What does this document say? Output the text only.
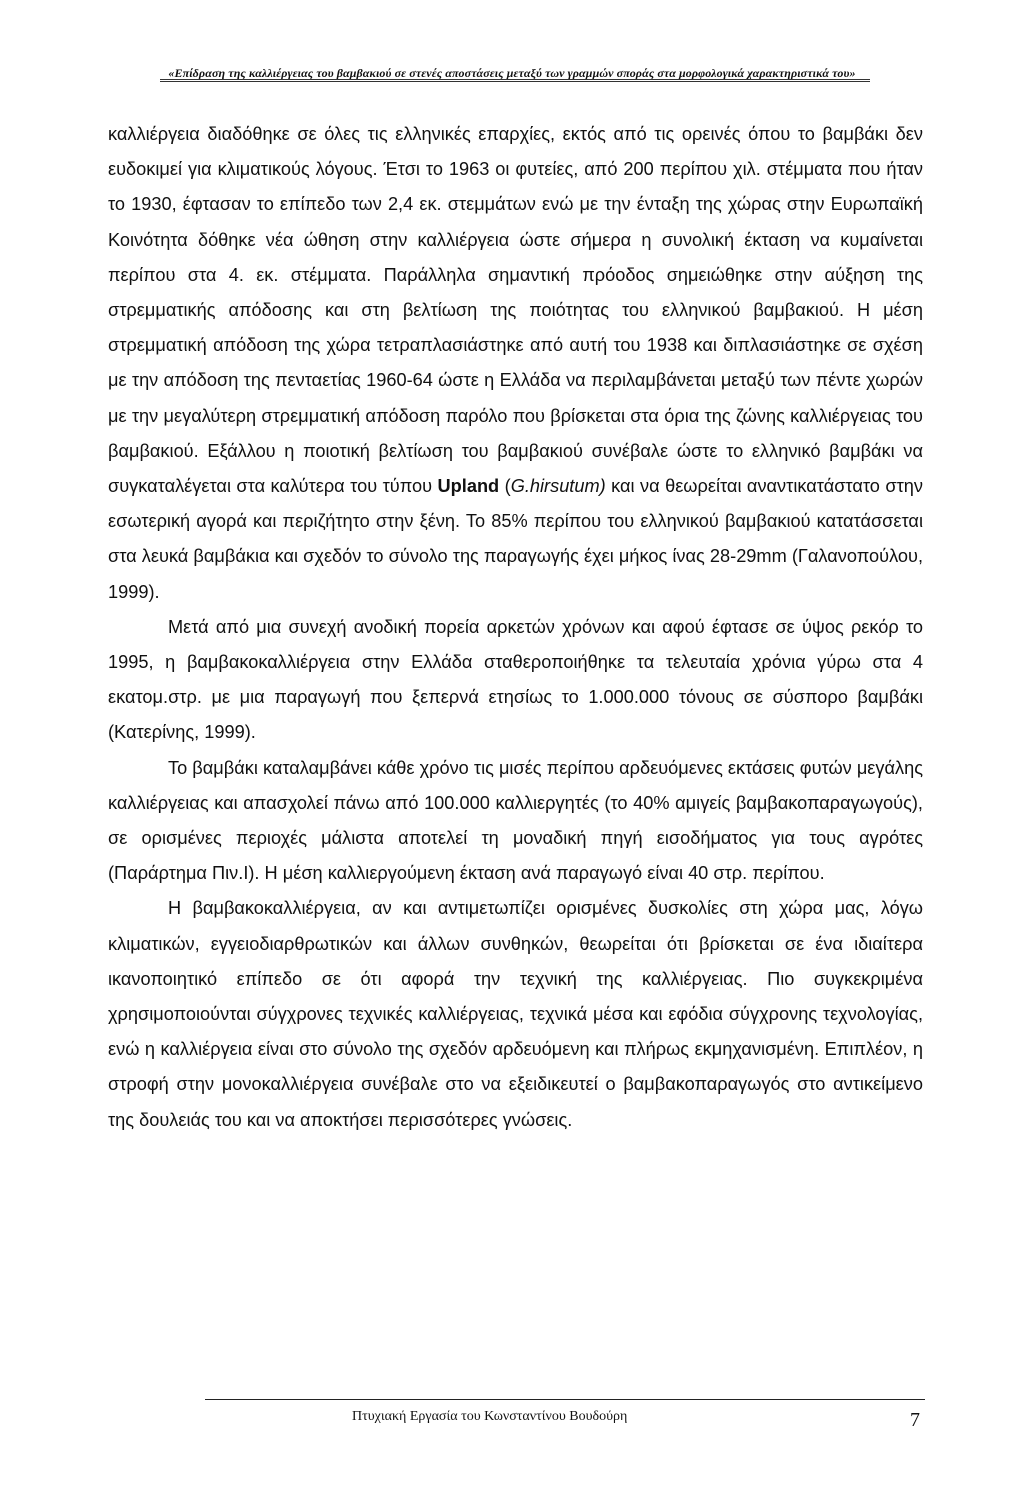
«Επίδραση της καλλιέργειας του βαμβακιού σε στενές αποστάσεις μεταξύ των γραμμών σποράς στα μορφολογικά χαρακτηριστικά του»

καλλιέργεια διαδόθηκε σε όλες τις ελληνικές επαρχίες, εκτός από τις ορεινές όπου το βαμβάκι δεν ευδοκιμεί για κλιματικούς λόγους. Έτσι το 1963 οι φυτείες, από 200 περίπου χιλ. στέμματα που ήταν το 1930, έφτασαν το επίπεδο των 2,4 εκ. στεμμάτων ενώ με την ένταξη της χώρας στην Ευρωπαϊκή Κοινότητα δόθηκε νέα ώθηση στην καλλιέργεια ώστε σήμερα η συνολική έκταση να κυμαίνεται περίπου στα 4. εκ. στέμματα. Παράλληλα σημαντική πρόοδος σημειώθηκε στην αύξηση της στρεμματικής απόδοσης και στη βελτίωση της ποιότητας του ελληνικού βαμβακιού. Η μέση στρεμματική απόδοση της χώρα τετραπλασιάστηκε από αυτή του 1938 και διπλασιάστηκε σε σχέση με την απόδοση της πενταετίας 1960-64 ώστε η Ελλάδα να περιλαμβάνεται μεταξύ των πέντε χωρών με την μεγαλύτερη στρεμματική απόδοση παρόλο που βρίσκεται στα όρια της ζώνης καλλιέργειας του βαμβακιού. Εξάλλου η ποιοτική βελτίωση του βαμβακιού συνέβαλε ώστε το ελληνικό βαμβάκι να συγκαταλέγεται στα καλύτερα του τύπου Upland (G.hirsutum) και να θεωρείται αναντικατάστατο στην εσωτερική αγορά και περιζήτητο στην ξένη. Το 85% περίπου του ελληνικού βαμβακιού κατατάσσεται στα λευκά βαμβάκια και σχεδόν το σύνολο της παραγωγής έχει μήκος ίνας 28-29mm (Γαλανοπούλου, 1999).

Μετά από μια συνεχή ανοδική πορεία αρκετών χρόνων και αφού έφτασε σε ύψος ρεκόρ το 1995, η βαμβακοκαλλιέργεια στην Ελλάδα σταθεροποιήθηκε τα τελευταία χρόνια γύρω στα 4 εκατομ.στρ. με μια παραγωγή που ξεπερνά ετησίως το 1.000.000 τόνους σε σύσπορο βαμβάκι (Κατερίνης, 1999).

Το βαμβάκι καταλαμβάνει κάθε χρόνο τις μισές περίπου αρδευόμενες εκτάσεις φυτών μεγάλης καλλιέργειας και απασχολεί πάνω από 100.000 καλλιεργητές (το 40% αμιγείς βαμβακοπαραγωγούς), σε ορισμένες περιοχές μάλιστα αποτελεί τη μοναδική πηγή εισοδήματος για τους αγρότες (Παράρτημα Πιν.I). Η μέση καλλιεργούμενη έκταση ανά παραγωγό είναι 40 στρ. περίπου.

Η βαμβακοκαλλιέργεια, αν και αντιμετωπίζει ορισμένες δυσκολίες στη χώρα μας, λόγω κλιματικών, εγγειοδιαρθρωτικών και άλλων συνθηκών, θεωρείται ότι βρίσκεται σε ένα ιδιαίτερα ικανοποιητικό επίπεδο σε ότι αφορά την τεχνική της καλλιέργειας. Πιο συγκεκριμένα χρησιμοποιούνται σύγχρονες τεχνικές καλλιέργειας, τεχνικά μέσα και εφόδια σύγχρονης τεχνολογίας, ενώ η καλλιέργεια είναι στο σύνολο της σχεδόν αρδευόμενη και πλήρως εκμηχανισμένη. Επιπλέον, η στροφή στην μονοκαλλιέργεια συνέβαλε στο να εξειδικευτεί ο βαμβακοπαραγωγός στο αντικείμενο της δουλειάς του και να αποκτήσει περισσότερες γνώσεις.

Πτυχιακή Εργασία του Κωνσταντίνου Βουδούρη	7
